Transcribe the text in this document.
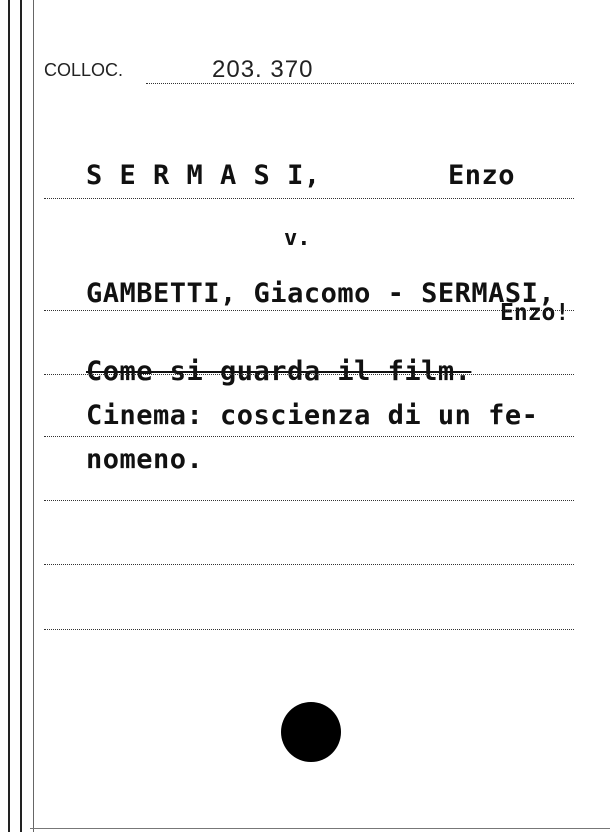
COLLOC.	203. 370
S E R M A S I,	Enzo
v.
GAMBETTI, Giacomo - SERMASI,
Enzo!
Come si guarda il film.
Cinema: coscienza di un fe-
nomeno.
